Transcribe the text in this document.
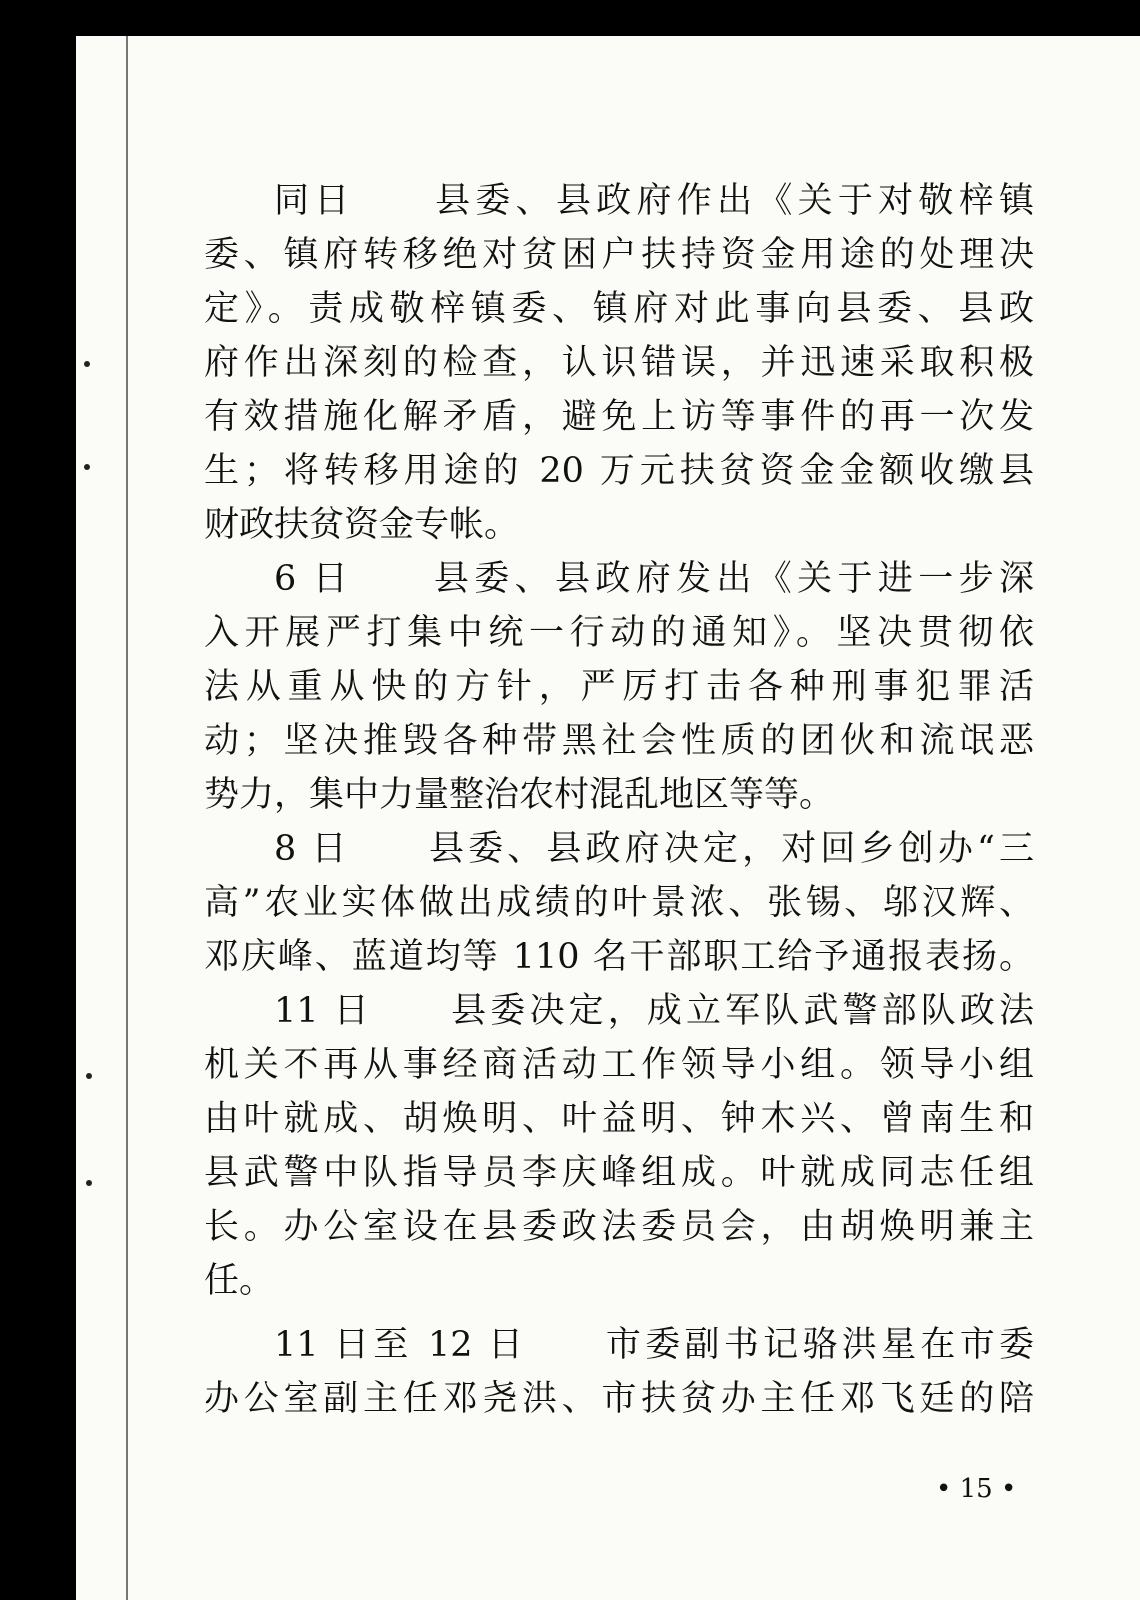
同日　　县委、县政府作出《关于对敬梓镇
委、镇府转移绝对贫困户扶持资金用途的处理决
定》。责成敬梓镇委、镇府对此事向县委、县政
府作出深刻的检查，认识错误，并迅速采取积极
有效措施化解矛盾，避免上访等事件的再一次发
生；将转移用途的 20 万元扶贫资金金额收缴县
财政扶贫资金专帐。
6 日　　县委、县政府发出《关于进一步深
入开展严打集中统一行动的通知》。坚决贯彻依
法从重从快的方针，严厉打击各种刑事犯罪活
动；坚决推毁各种带黑社会性质的团伙和流氓恶
势力，集中力量整治农村混乱地区等等。
8 日　　县委、县政府决定，对回乡创办“三
高”农业实体做出成绩的叶景浓、张锡、邬汉辉、
邓庆峰、蓝道均等 110 名干部职工给予通报表扬。
11 日　　县委决定，成立军队武警部队政法
机关不再从事经商活动工作领导小组。领导小组
由叶就成、胡焕明、叶益明、钟木兴、曾南生和
县武警中队指导员李庆峰组成。叶就成同志任组
长。办公室设在县委政法委员会，由胡焕明兼主
任。
11 日至 12 日　　市委副书记骆洪星在市委
办公室副主任邓尧洪、市扶贫办主任邓飞廷的陪
• 15 •
